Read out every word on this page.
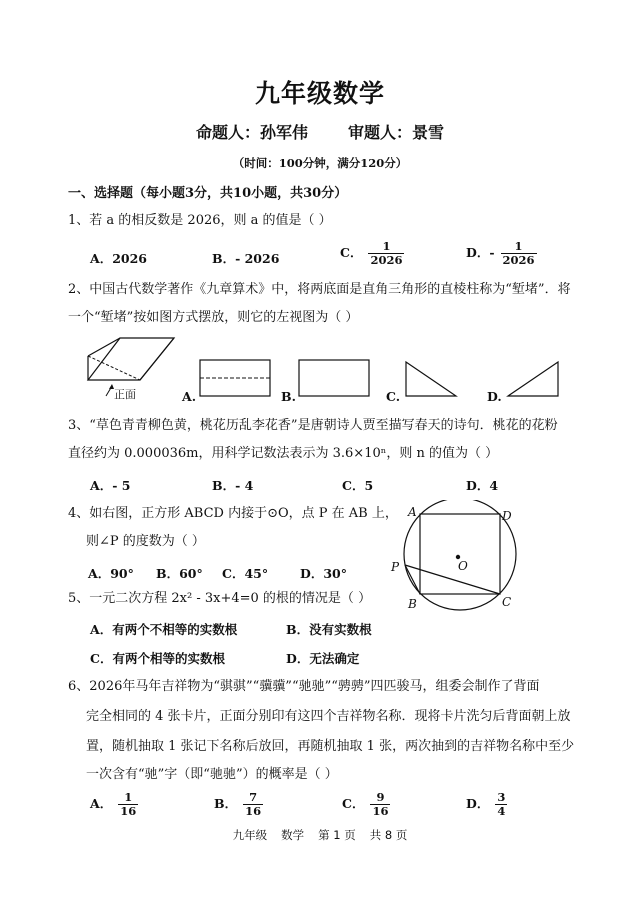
九年级数学
命题人：孙军伟	审题人：景雪
（时间：100分钟，满分120分）
一、选择题（每小题3分，共10小题，共30分）
1、若 a 的相反数是 2026，则 a 的值是（ ）
A．2026	B．- 2026	C． $\frac{1}{2026}$	D．- $\frac{1}{2026}$
2、中国古代数学著作《九章算术》中，将两底面是直角三角形的直棱柱称为“堑堵”．将
一个“堑堵”按如图方式摆放，则它的左视图为（ ）
正面	A.	B.	C.	D.
3、“草色青青柳色黄，桃花历乱李花香”是唐朝诗人贾至描写春天的诗句．桃花的花粉
直径约为 0.000036m，用科学记数法表示为 3.6×10ⁿ，则 n 的值为（ ）
A．- 5	B．- 4	C．5	D．4
4、如右图，正方形 ABCD 内接于⊙O，点 P 在 AB 上，
则∠P 的度数为（ ）
A．90° B．60° C．45°	D．30°
A	D
O
P
B	C
5、一元二次方程 2x² - 3x+4=0 的根的情况是（ ）
A．有两个不相等的实数根	B．没有实数根
C．有两个相等的实数根	D．无法确定
6、2026年马年吉祥物为“骐骐”“骥骥”“驰驰”“骋骋”四匹骏马，组委会制作了背面
完全相同的 4 张卡片，正面分别印有这四个吉祥物名称．现将卡片洗匀后背面朝上放
置，随机抽取 1 张记下名称后放回，再随机抽取 1 张，两次抽到的吉祥物名称中至少
一次含有“驰”字（即“驰驰”）的概率是（ ）
A． $\frac{1}{16}$	B． $\frac{7}{16}$	C． $\frac{9}{16}$	D． $\frac{3}{4}$
九年级 数学 第 1 页 共 8 页
